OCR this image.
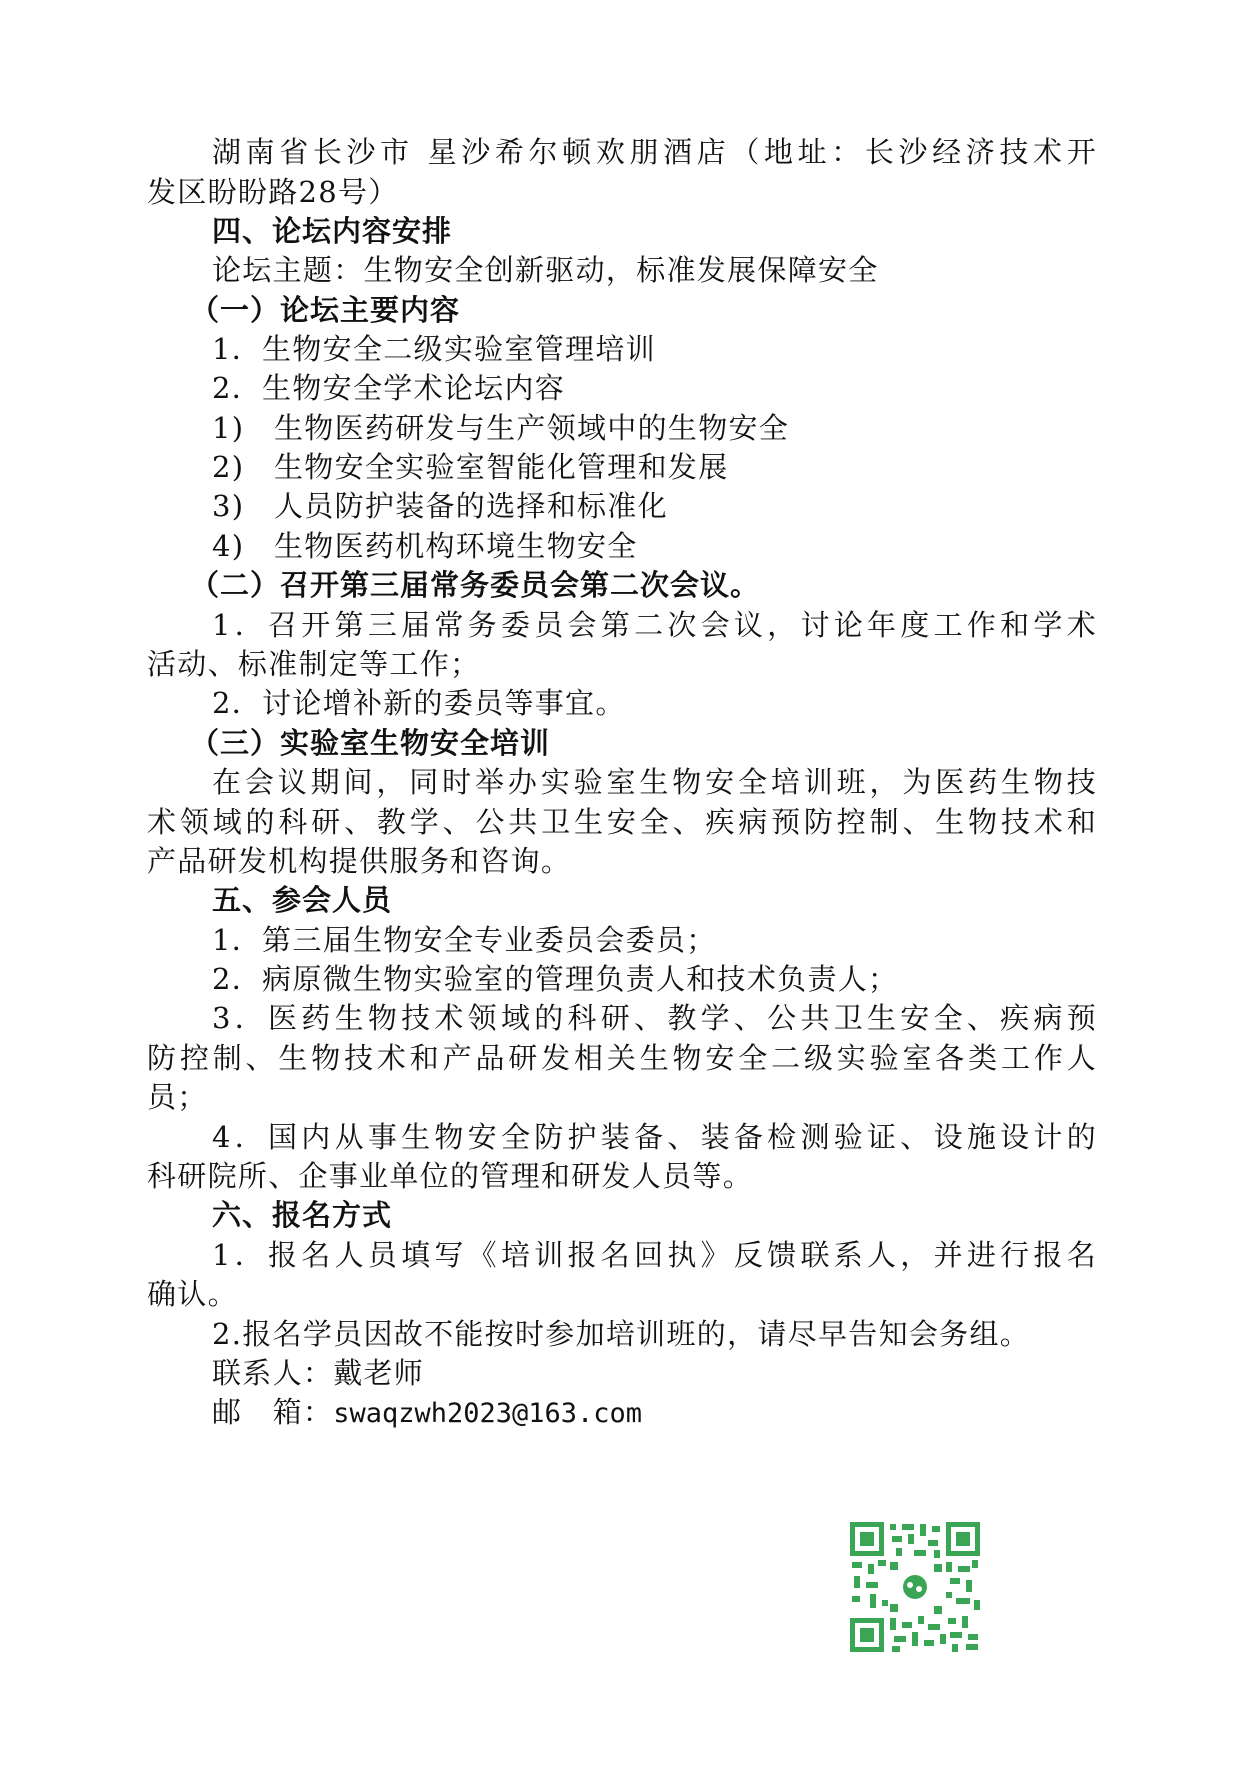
湖南省长沙市 星沙希尔顿欢朋酒店（地址：长沙经济技术开
发区盼盼路28号）
四、论坛内容安排
论坛主题：生物安全创新驱动，标准发展保障安全
（一）论坛主要内容
1．生物安全二级实验室管理培训
2．生物安全学术论坛内容
1) 生物医药研发与生产领域中的生物安全
2) 生物安全实验室智能化管理和发展
3) 人员防护装备的选择和标准化
4) 生物医药机构环境生物安全
（二）召开第三届常务委员会第二次会议。
1．召开第三届常务委员会第二次会议，讨论年度工作和学术
活动、标准制定等工作；
2．讨论增补新的委员等事宜。
（三）实验室生物安全培训
在会议期间，同时举办实验室生物安全培训班，为医药生物技
术领域的科研、教学、公共卫生安全、疾病预防控制、生物技术和
产品研发机构提供服务和咨询。
五、参会人员
1．第三届生物安全专业委员会委员；
2．病原微生物实验室的管理负责人和技术负责人；
3．医药生物技术领域的科研、教学、公共卫生安全、疾病预
防控制、生物技术和产品研发相关生物安全二级实验室各类工作人
员；
4．国内从事生物安全防护装备、装备检测验证、设施设计的
科研院所、企事业单位的管理和研发人员等。
六、报名方式
1．报名人员填写《培训报名回执》反馈联系人，并进行报名
确认。
2.报名学员因故不能按时参加培训班的，请尽早告知会务组。
联系人：戴老师
邮　箱：swaqzwh2023@163.com
